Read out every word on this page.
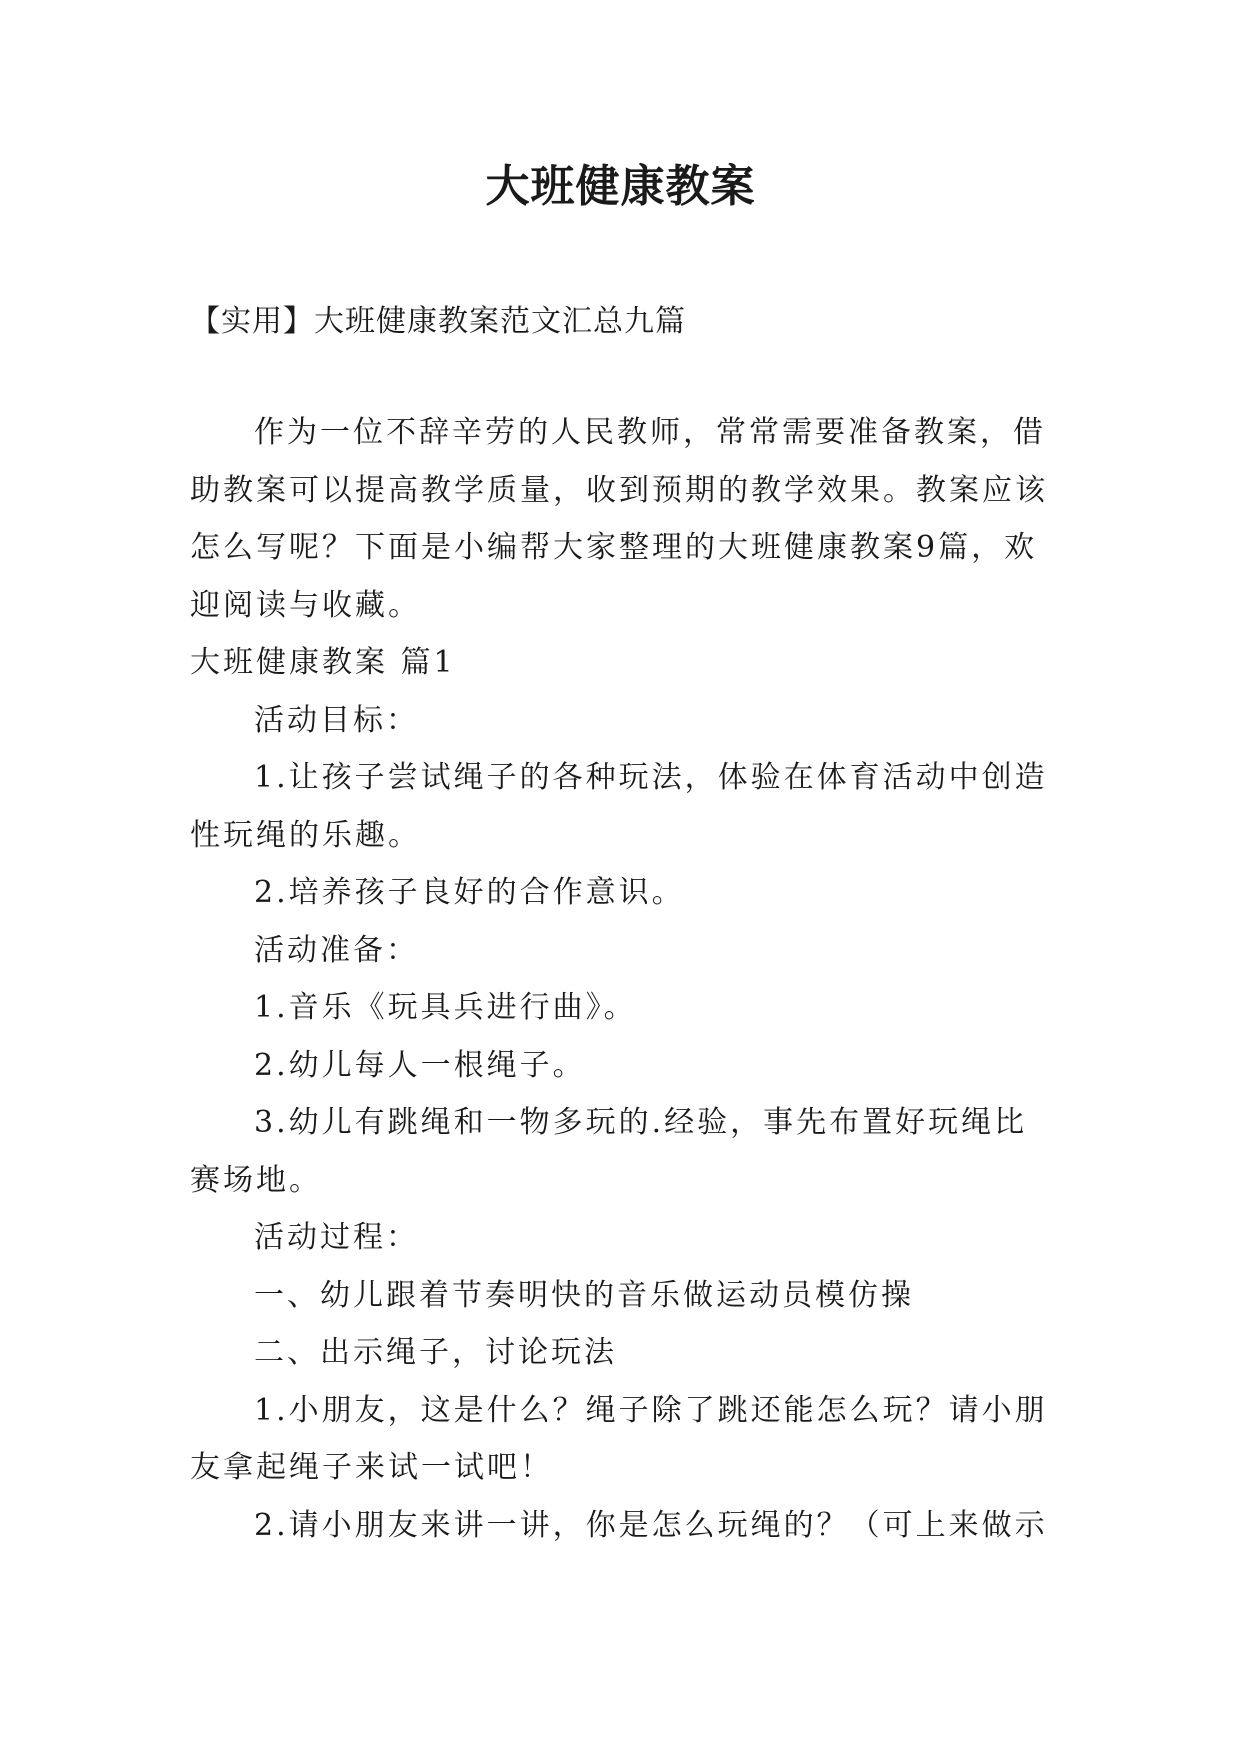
大班健康教案
【实用】大班健康教案范文汇总九篇

作为一位不辞辛劳的人民教师，常常需要准备教案，借助教案可以提高教学质量，收到预期的教学效果。教案应该怎么写呢？下面是小编帮大家整理的大班健康教案9篇，欢迎阅读与收藏。

大班健康教案 篇1

活动目标：

1.让孩子尝试绳子的各种玩法，体验在体育活动中创造性玩绳的乐趣。

2.培养孩子良好的合作意识。

活动准备：

1.音乐《玩具兵进行曲》。

2.幼儿每人一根绳子。

3.幼儿有跳绳和一物多玩的.经验，事先布置好玩绳比赛场地。

活动过程：

一、幼儿跟着节奏明快的音乐做运动员模仿操

二、出示绳子，讨论玩法

1.小朋友，这是什么？绳子除了跳还能怎么玩？请小朋友拿起绳子来试一试吧！

2.请小朋友来讲一讲，你是怎么玩绳的？（可上来做示
